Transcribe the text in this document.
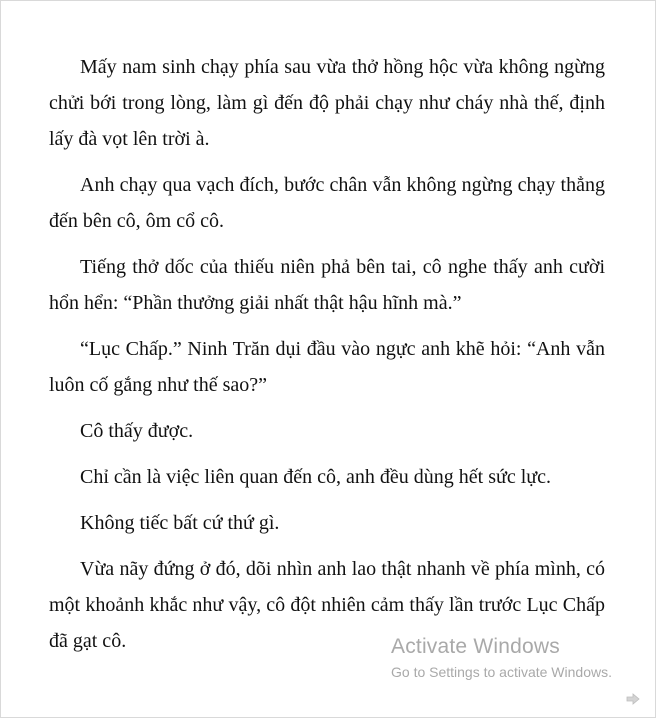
Mấy nam sinh chạy phía sau vừa thở hồng hộc vừa không ngừng chửi bới trong lòng, làm gì đến độ phải chạy như cháy nhà thế, định lấy đà vọt lên trời à.

Anh chạy qua vạch đích, bước chân vẫn không ngừng chạy thẳng đến bên cô, ôm cổ cô.

Tiếng thở dốc của thiếu niên phả bên tai, cô nghe thấy anh cười hổn hển: “Phần thưởng giải nhất thật hậu hĩnh mà.”

“Lục Chấp.” Ninh Trăn dụi đầu vào ngực anh khẽ hỏi: “Anh vẫn luôn cố gắng như thế sao?”

Cô thấy được.

Chỉ cần là việc liên quan đến cô, anh đều dùng hết sức lực.

Không tiếc bất cứ thứ gì.

Vừa nãy đứng ở đó, dõi nhìn anh lao thật nhanh về phía mình, có một khoảnh khắc như vậy, cô đột nhiên cảm thấy lần trước Lục Chấp đã gạt cô.	Activate Windows
Go to Settings to activate Windows.
